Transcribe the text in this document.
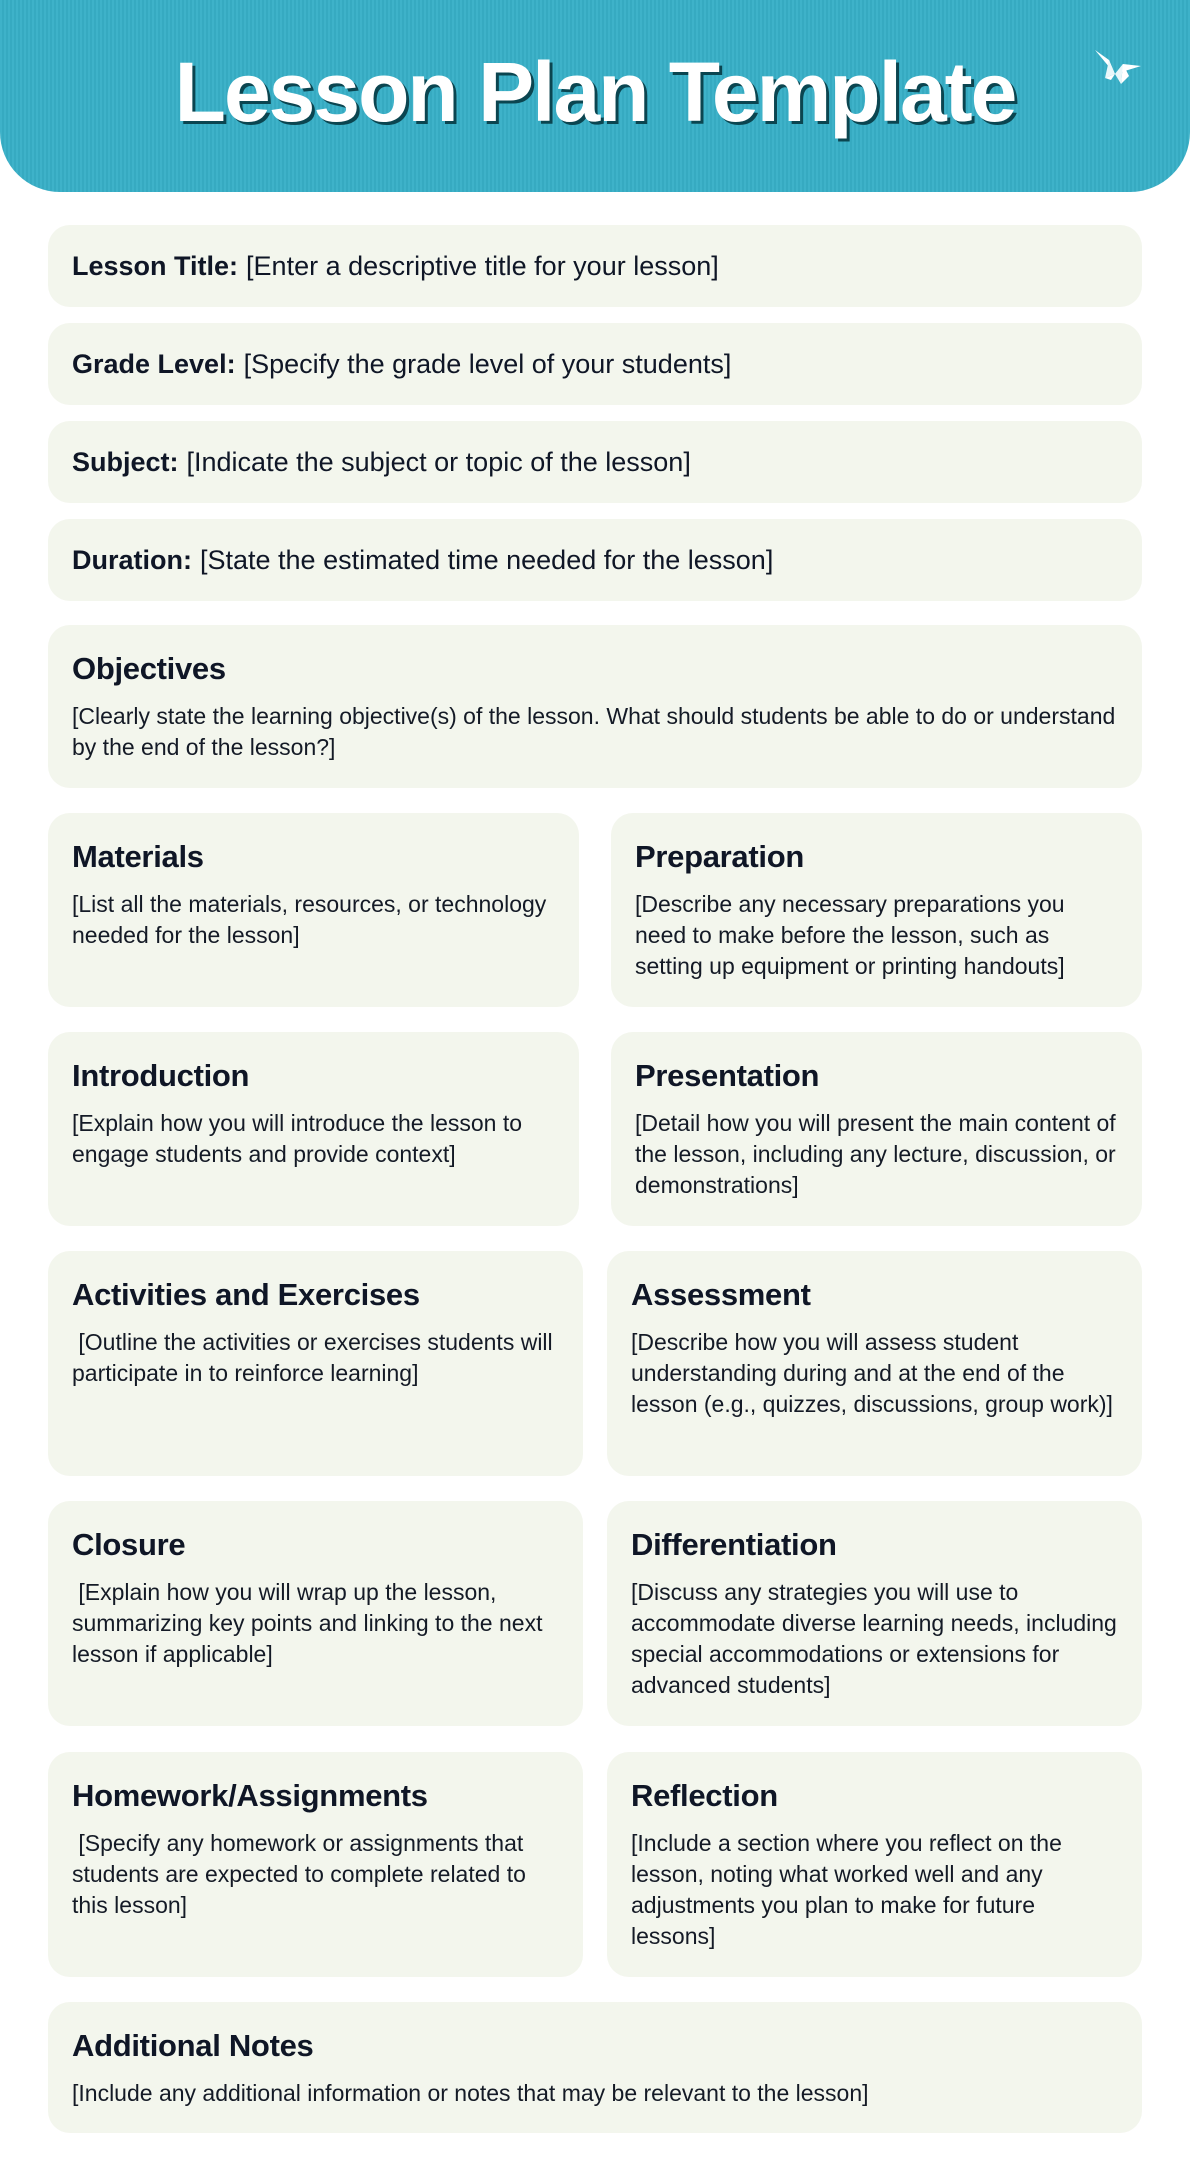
Lesson Plan Template
Lesson Title: [Enter a descriptive title for your lesson]
Grade Level: [Specify the grade level of your students]
Subject: [Indicate the subject or topic of the lesson]
Duration: [State the estimated time needed for the lesson]
Objectives

[Clearly state the learning objective(s) of the lesson. What should students be able to do or understand by the end of the lesson?]

Materials

[List all the materials, resources, or technology needed for the lesson]

Preparation

[Describe any necessary preparations you need to make before the lesson, such as setting up equipment or printing handouts]

Introduction

[Explain how you will introduce the lesson to engage students and provide context]

Presentation

[Detail how you will present the main content of the lesson, including any lecture, discussion, or demonstrations]

Activities and Exercises

[Outline the activities or exercises students will participate in to reinforce learning]

Assessment

[Describe how you will assess student understanding during and at the end of the lesson (e.g., quizzes, discussions, group work)]

Closure

[Explain how you will wrap up the lesson, summarizing key points and linking to the next lesson if applicable]

Differentiation

[Discuss any strategies you will use to accommodate diverse learning needs, including special accommodations or extensions for advanced students]

Homework/Assignments

[Specify any homework or assignments that students are expected to complete related to this lesson]

Reflection

[Include a section where you reflect on the lesson, noting what worked well and any adjustments you plan to make for future lessons]

Additional Notes

[Include any additional information or notes that may be relevant to the lesson]
